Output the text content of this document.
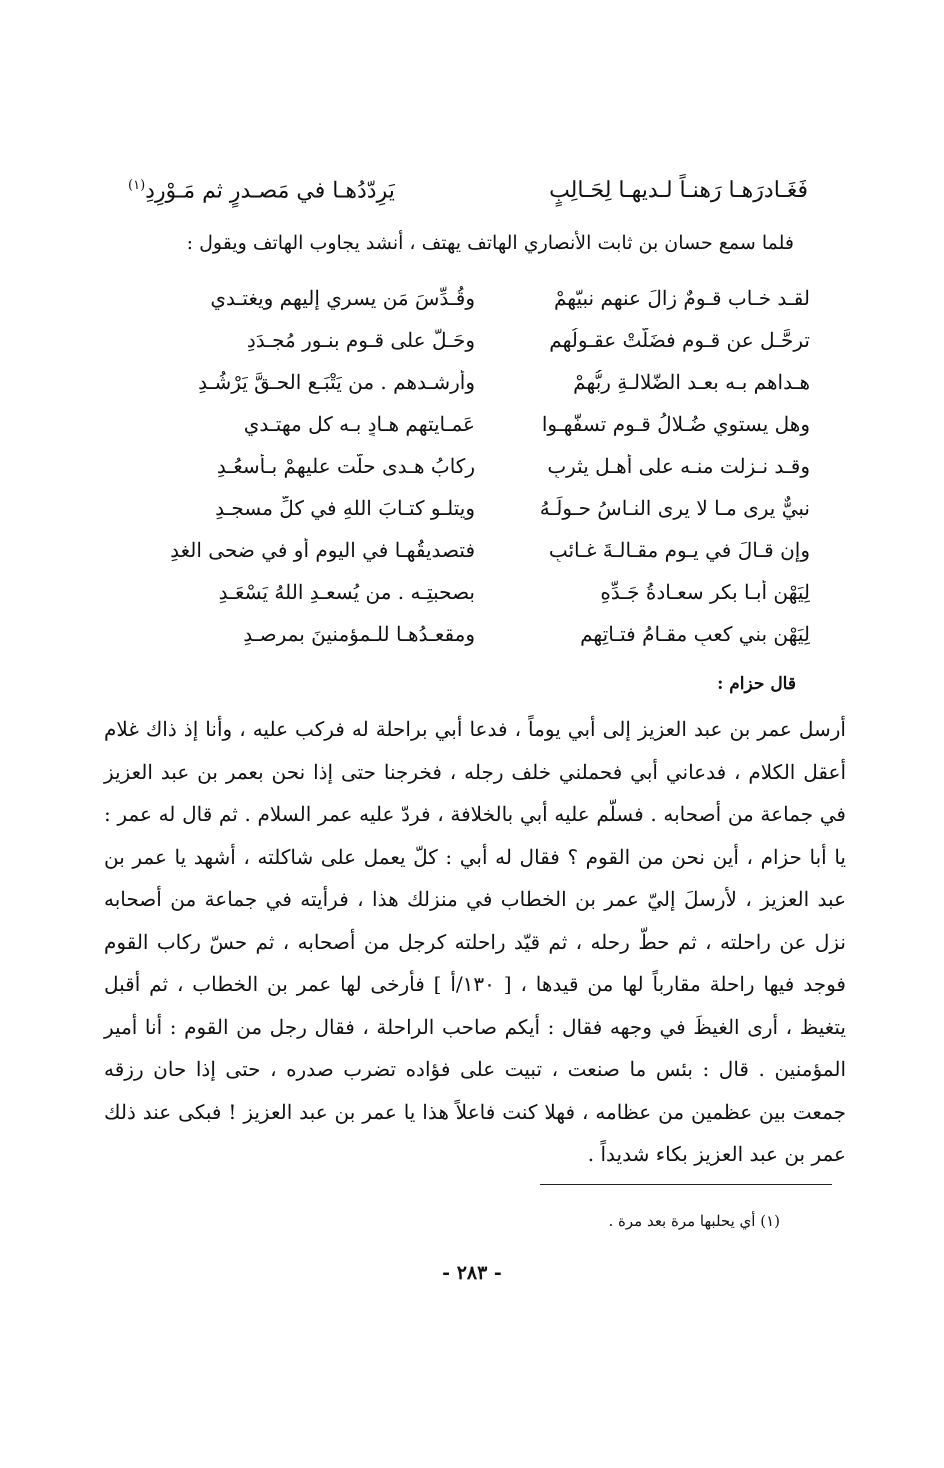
فَغَـادرَهـا رَهنـاً لـديهـا لِحَـالِبٍ
يَرِدّدُهـا في مَصـدرٍ ثم مَـوْرِدِ$^{(١)}$
فلما سمع حسان بن ثابت الأنصاري الهاتف يهتف ، أنشد يجاوب الهاتف ويقول :
لقـد خـاب قـومٌ زالَ عنهم نبيّهمْ
وقُـدِّسَ مَن يسري إليهم ويغتـدي
ترحَّـل عن قـومٍ فضَلّتْ عقـولُهم
وحَـلَّ على قـومٍ بنـورٍ مُجـدَدِ
هـداهم بـه بعـد الضّلالـةِ ربُّهمْ
وأرشـدهم . من يَتْبَـعِ الحـقَّ يَرْشُـدِ
وهل يستوي ضُـلالُ قـومٍ تسفّهـوا
عَمـايتهم هـادٍ بـه كل مهتـدي
وقـد نـزلت منـه على أهـل يثربٍ
ركابُ هـدى حلّت عليهمْ بـأسعُـدِ
نبيٌّ يرى مـا لا يرى النـاسُ حـولَـهُ
ويتلـو كتـابَ اللهِ في كلِّ مسجـدِ
وإن قـالَ في يـومٍ مقـالـةَ غـائبٍ
فتصديقُهـا في اليوم أو في ضحى الغدِ
لِيَهْنِ أبـا بكرٍ سعـادةُ جَـدِّهِ
بصحبتِـه . من يُسعـدِ اللهُ يَسْعَـدِ
لِيَهْنِ بني كعبٍ مقـامُ فتـاتِهم
ومقعـدُهـا للـمؤمنينَ بمرصـدِ
قال حزام :

أرسل عمر بن عبد العزيز إلى أبي يوماً ، فدعا أبي براحلة له فركب عليه ، وأنا إذ ذاك غلام أعقل الكلام ، فدعاني أبي فحملني خلف رجله ، فخرجنا حتى إذا نحن بعمر بن عبد العزيز في جماعة من أصحابه . فسلّم عليه أبي بالخلافة ، فردّ عليه عمر السلام . ثم قال له عمر : يا أبا حزام ، أين نحن من القوم ؟ فقال له أبي : كلّ يعمل على شاكلته ، أشهد يا عمر بن عبد العزيز ، لأرسلَ إليّ عمر بن الخطاب في منزلك هذا ، فرأيته في جماعة من أصحابه نزل عن راحلته ، ثم حطّ رحله ، ثم قيّد راحلته كرجل من أصحابه ، ثم حسّ ركاب القوم فوجد فيها راحلة مقارباً لها من قيدها ، [ ١٣٠/أ ] فأرخى لها عمر بن الخطاب ، ثم أقبل يتغيظ ، أرى الغيظَ في وجهه فقال : أيكم صاحب الراحلة ، فقال رجل من القوم : أنا أمير المؤمنين . قال : بئس ما صنعت ، تبيت على فؤاده تضرب صدره ، حتى إذا حان رزقه جمعت بين عظمين من عظامه ، فهلا كنت فاعلاً هذا يا عمر بن عبد العزيز ! فبكى عند ذلك عمر بن عبد العزيز بكاء شديداً .

(١) أي يحلبها مرة بعد مرة .
- ٢٨٣ -
